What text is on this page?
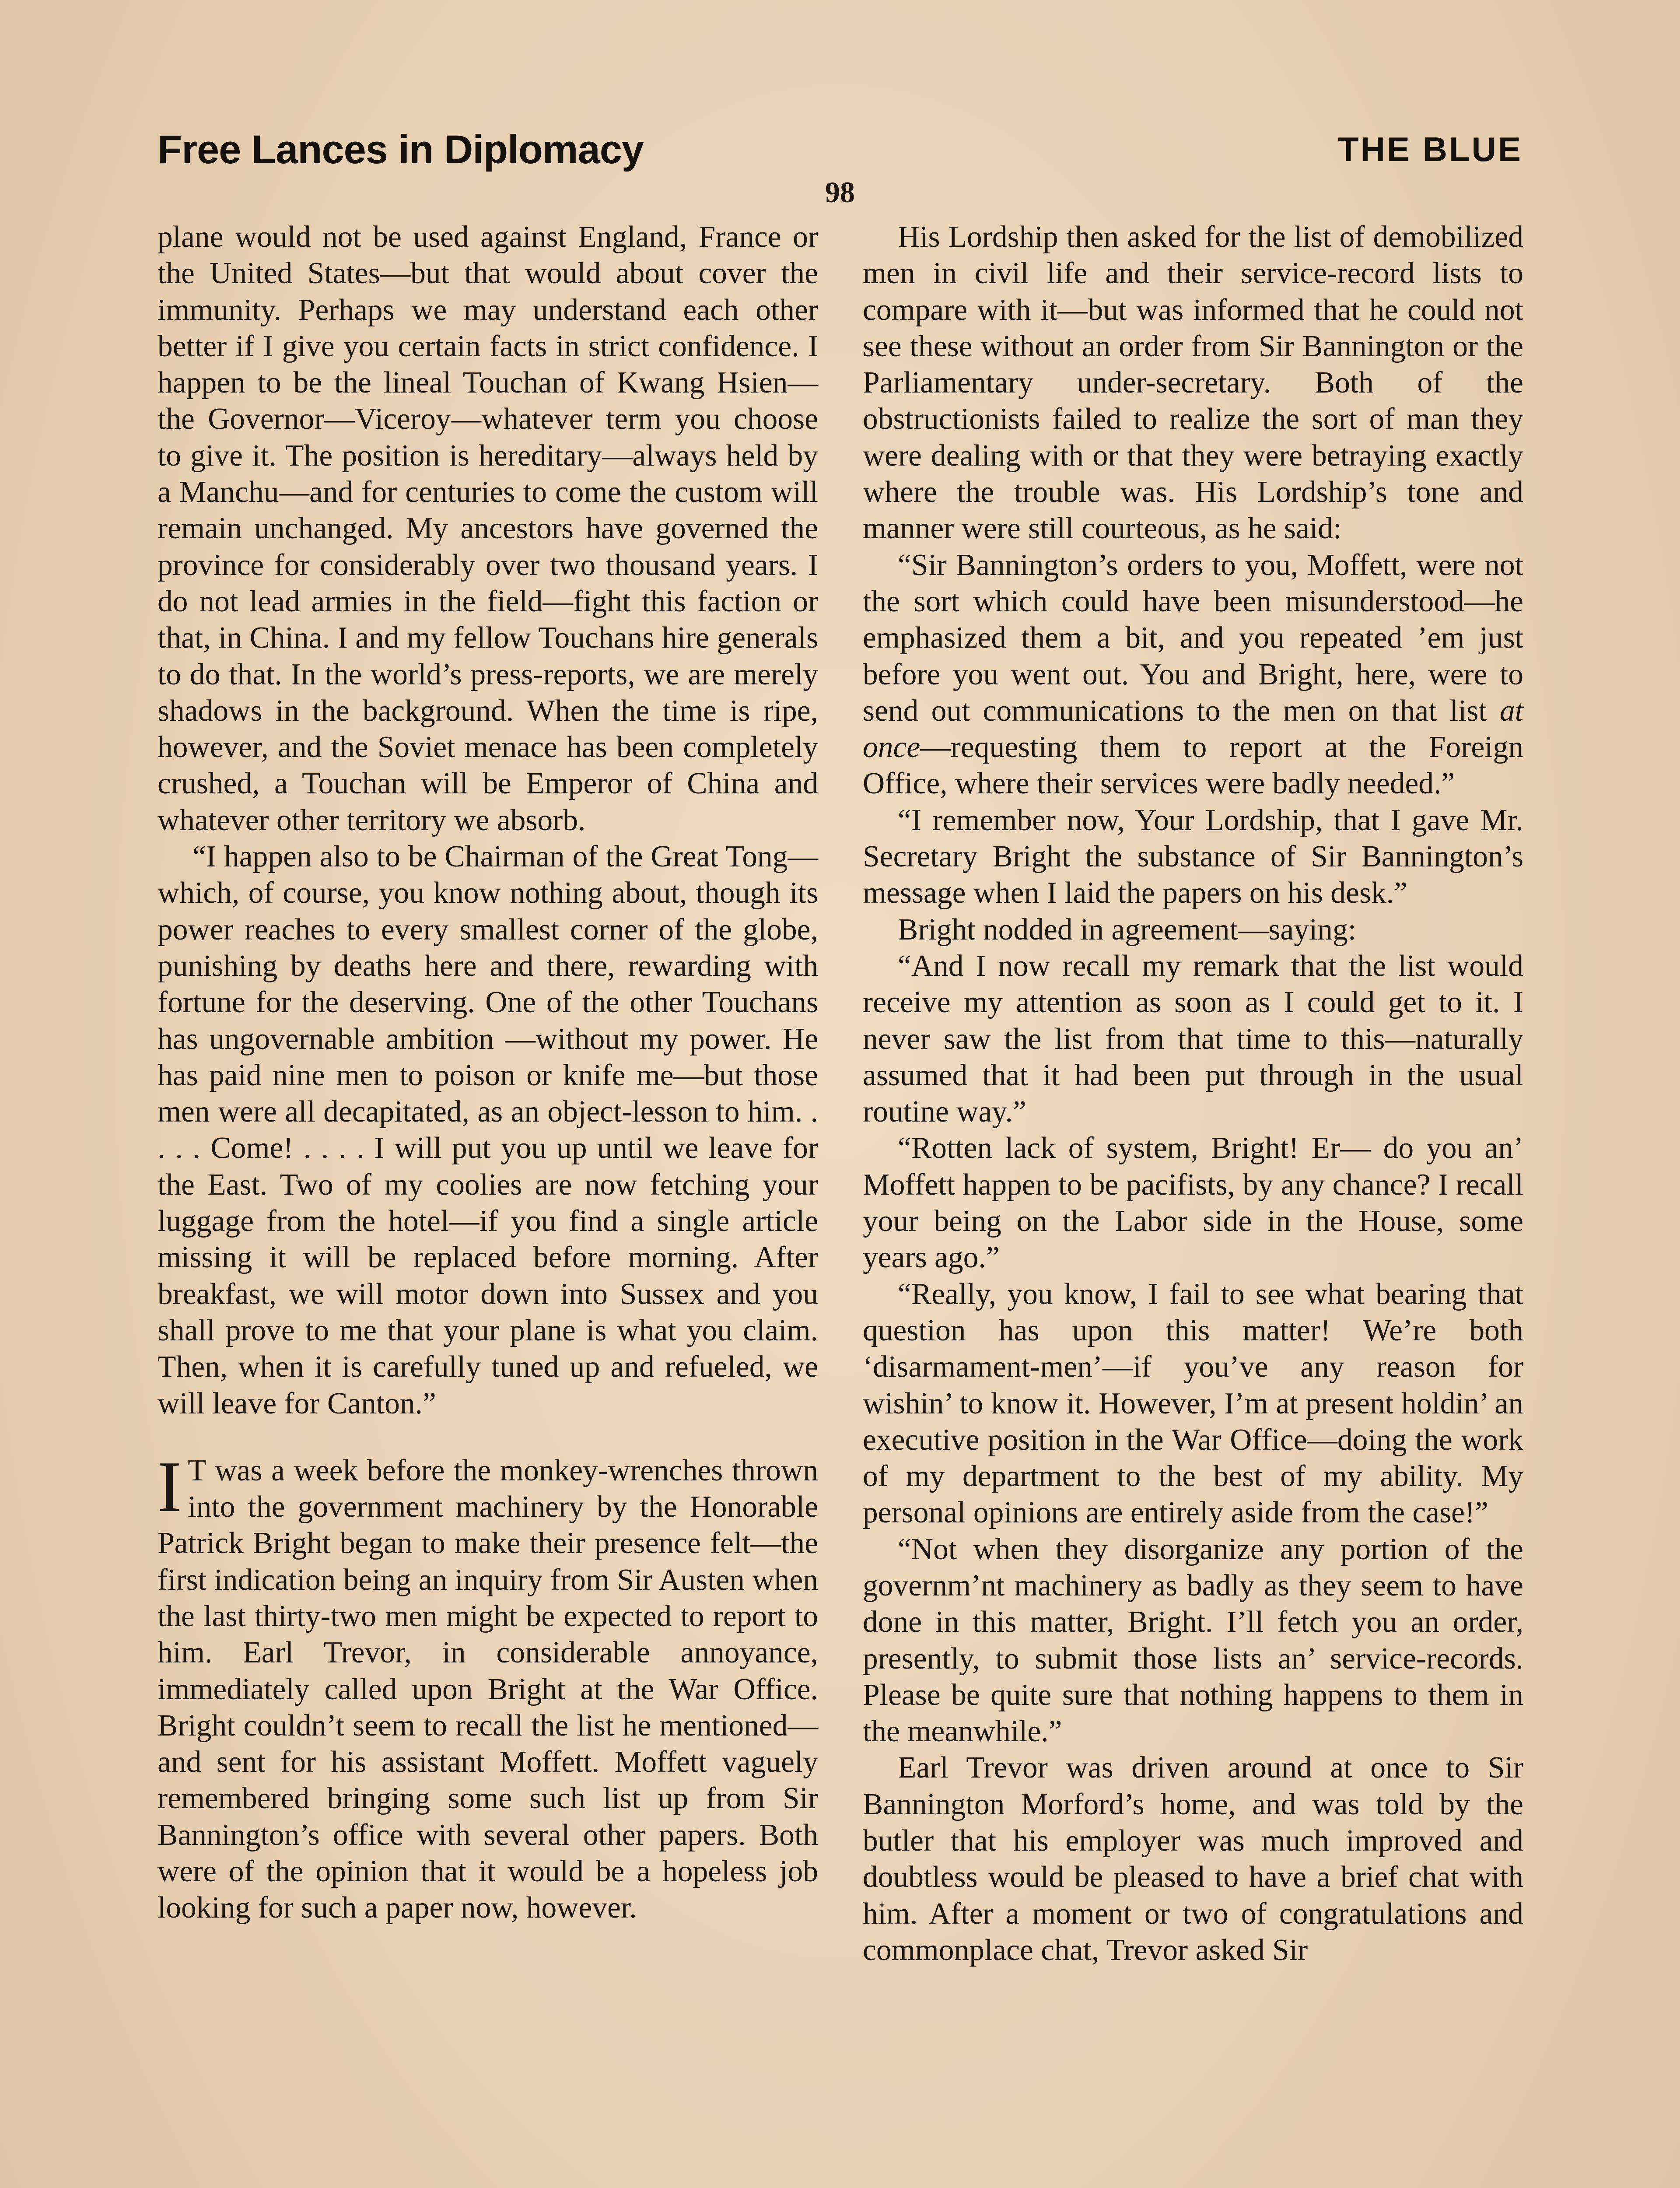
Free Lances in Diplomacy	THE BLUE
98

plane would not be used against England, France or the United States—but that would about cover the immunity. Perhaps we may understand each other better if I give you certain facts in strict confidence. I happen to be the lineal Touchan of Kwang Hsien—the Governor—Viceroy—whatever term you choose to give it. The position is hereditary—always held by a Manchu—and for centuries to come the custom will remain unchanged. My ancestors have governed the province for considerably over two thousand years. I do not lead armies in the field—fight this faction or that, in China. I and my fellow Touchans hire generals to do that. In the world’s press-reports, we are merely shadows in the background. When the time is ripe, however, and the Soviet menace has been completely crushed, a Touchan will be Emperor of China and whatever other territory we absorb.

“I happen also to be Chairman of the Great Tong—which, of course, you know nothing about, though its power reaches to every smallest corner of the globe, punishing by deaths here and there, rewarding with fortune for the deserving. One of the other Touchans has ungovernable ambition —without my power. He has paid nine men to poison or knife me—but those men were all decapitated, as an object-lesson to him. . . . . Come! . . . . I will put you up until we leave for the East. Two of my coolies are now fetching your luggage from the hotel—if you find a single article missing it will be replaced before morning. After breakfast, we will motor down into Sussex and you shall prove to me that your plane is what you claim. Then, when it is carefully tuned up and refueled, we will leave for Canton.”

I T was a week before the monkey-wrenches thrown into the government machinery by the Honorable Patrick Bright began to make their presence felt—the first indication being an inquiry from Sir Austen when the last thirty-two men might be expected to report to him. Earl Trevor, in considerable annoyance, immediately called upon Bright at the War Office. Bright couldn’t seem to recall the list he mentioned—and sent for his assistant Moffett. Moffett vaguely remembered bringing some such list up from Sir Bannington’s office with several other papers. Both were of the opinion that it would be a hopeless job looking for such a paper now, however.

His Lordship then asked for the list of demobilized men in civil life and their service-record lists to compare with it—but was informed that he could not see these without an order from Sir Bannington or the Parliamentary under-secretary. Both of the obstructionists failed to realize the sort of man they were dealing with or that they were betraying exactly where the trouble was. His Lordship’s tone and manner were still courteous, as he said:

“Sir Bannington’s orders to you, Moffett, were not the sort which could have been misunderstood—he emphasized them a bit, and you repeated ’em just before you went out. You and Bright, here, were to send out communications to the men on that list at once—requesting them to report at the Foreign Office, where their services were badly needed.”

“I remember now, Your Lordship, that I gave Mr. Secretary Bright the substance of Sir Bannington’s message when I laid the papers on his desk.”

Bright nodded in agreement—saying:

“And I now recall my remark that the list would receive my attention as soon as I could get to it. I never saw the list from that time to this—naturally assumed that it had been put through in the usual routine way.”

“Rotten lack of system, Bright! Er— do you an’ Moffett happen to be pacifists, by any chance? I recall your being on the Labor side in the House, some years ago.”

“Really, you know, I fail to see what bearing that question has upon this matter! We’re both ‘disarmament-men’—if you’ve any reason for wishin’ to know it. However, I’m at present holdin’ an executive position in the War Office—doing the work of my department to the best of my ability. My personal opinions are entirely aside from the case!”

“Not when they disorganize any portion of the governm’nt machinery as badly as they seem to have done in this matter, Bright. I’ll fetch you an order, presently, to submit those lists an’ service-records. Please be quite sure that nothing happens to them in the meanwhile.”

Earl Trevor was driven around at once to Sir Bannington Morford’s home, and was told by the butler that his employer was much improved and doubtless would be pleased to have a brief chat with him. After a moment or two of congratulations and commonplace chat, Trevor asked Sir
